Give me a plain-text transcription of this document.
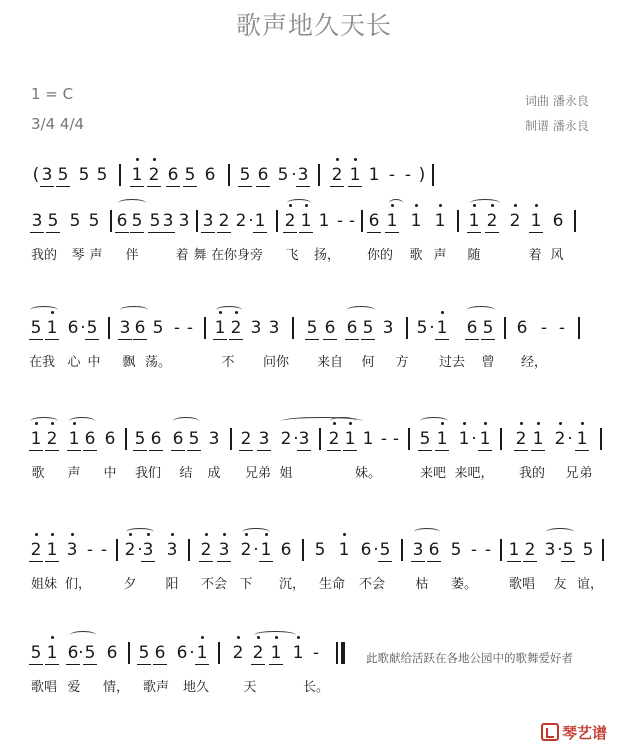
歌声地久天长
1 = C
3/4 4/4
词曲 潘永良
制谱 潘永良
( 3 5 5 5 1 2 6 5 6 5 6 5 · 3 2 1 1 - - )
3 5 5 5 6 5 5 3 3 3 2 2 · 1 2 1 1 - - 6 1 1 1 1 2 2 1 6
我的 琴 声 伴	着 舞 在你身旁 飞 扬， 你的 歌 声 随	着 风
5 1 6 · 5 3 6 5 - - 1 2 3 3 5 6 6 5 3 5 · 1 6 5 6 - -
在我 心 中 飘 荡。	不 问你 来自 何 方 过去 曾 经，
1 2 1 6 6 5 6 6 5 3 2 3 2 · 3 2 1 1 - - 5 1 1 · 1 2 1 2 · 1
歌 声 中 我们 结 成 兄弟 姐	妹。	来吧 来吧， 我的 兄 弟
2 1 3 - - 2 · 3 3 2 3 2 · 1 6 5 1 6 · 5 3 6 5 - - 1 2 3 · 5 5
姐妹 们， 夕 阳 不会 下 沉， 生命 不会 枯 萎。 歌唱 友 谊，
5 1 6 · 5 6 5 6 6 · 1 2 2 1 1 -
歌唱 爱 情， 歌声 地久	天	长。
此歌献给活跃在各地公园中的歌舞爱好者
琴艺谱
